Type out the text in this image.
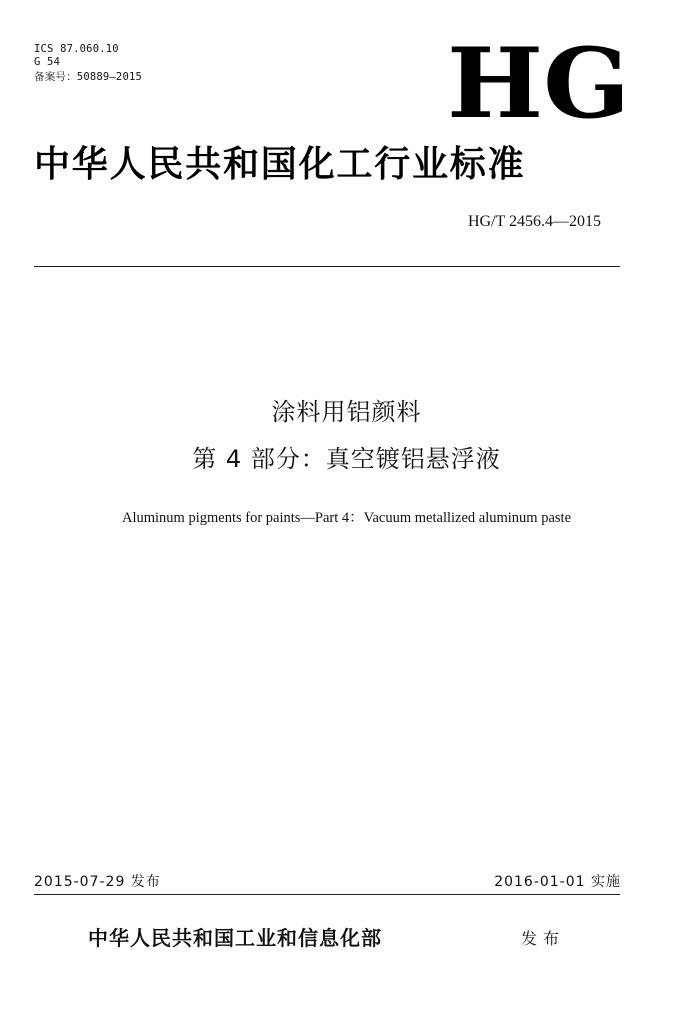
ICS 87.060.10
G 54
备案号：50889—2015	HG
中华人民共和国化工行业标准
HG/T 2456.4—2015
涂料用铝颜料
第 4 部分：真空镀铝悬浮液
Aluminum pigments for paints—Part 4：Vacuum metallized aluminum paste
2015-07-29 发布	2016-01-01 实施
中华人民共和国工业和信息化部	发布
